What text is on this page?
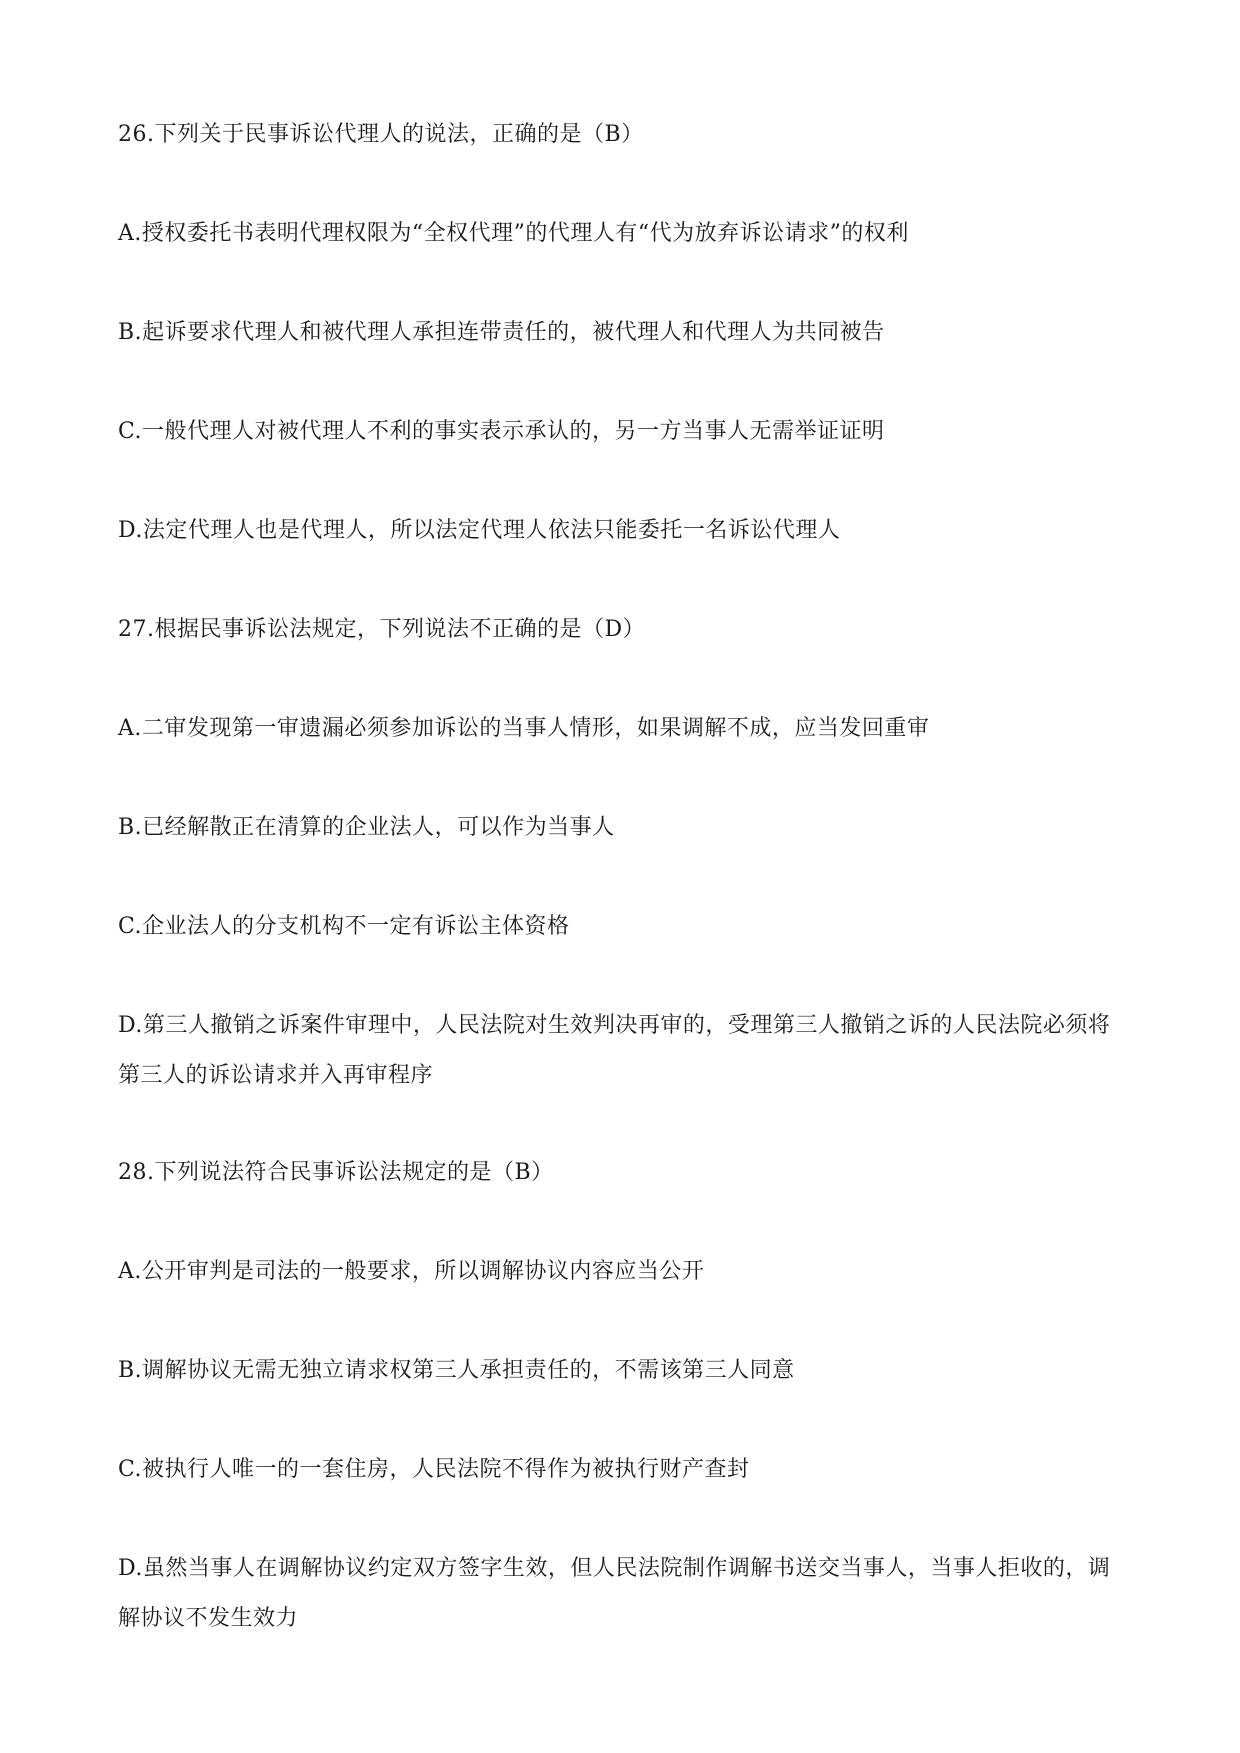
26.下列关于民事诉讼代理人的说法，正确的是（B）
A.授权委托书表明代理权限为“全权代理”的代理人有“代为放弃诉讼请求”的权利
B.起诉要求代理人和被代理人承担连带责任的，被代理人和代理人为共同被告
C.一般代理人对被代理人不利的事实表示承认的，另一方当事人无需举证证明
D.法定代理人也是代理人，所以法定代理人依法只能委托一名诉讼代理人
27.根据民事诉讼法规定，下列说法不正确的是（D）
A.二审发现第一审遗漏必须参加诉讼的当事人情形，如果调解不成，应当发回重审
B.已经解散正在清算的企业法人，可以作为当事人
C.企业法人的分支机构不一定有诉讼主体资格
D.第三人撤销之诉案件审理中，人民法院对生效判决再审的，受理第三人撤销之诉的人民法院必须将第三人的诉讼请求并入再审程序
28.下列说法符合民事诉讼法规定的是（B）
A.公开审判是司法的一般要求，所以调解协议内容应当公开
B.调解协议无需无独立请求权第三人承担责任的，不需该第三人同意
C.被执行人唯一的一套住房，人民法院不得作为被执行财产查封
D.虽然当事人在调解协议约定双方签字生效，但人民法院制作调解书送交当事人，当事人拒收的，调解协议不发生效力
